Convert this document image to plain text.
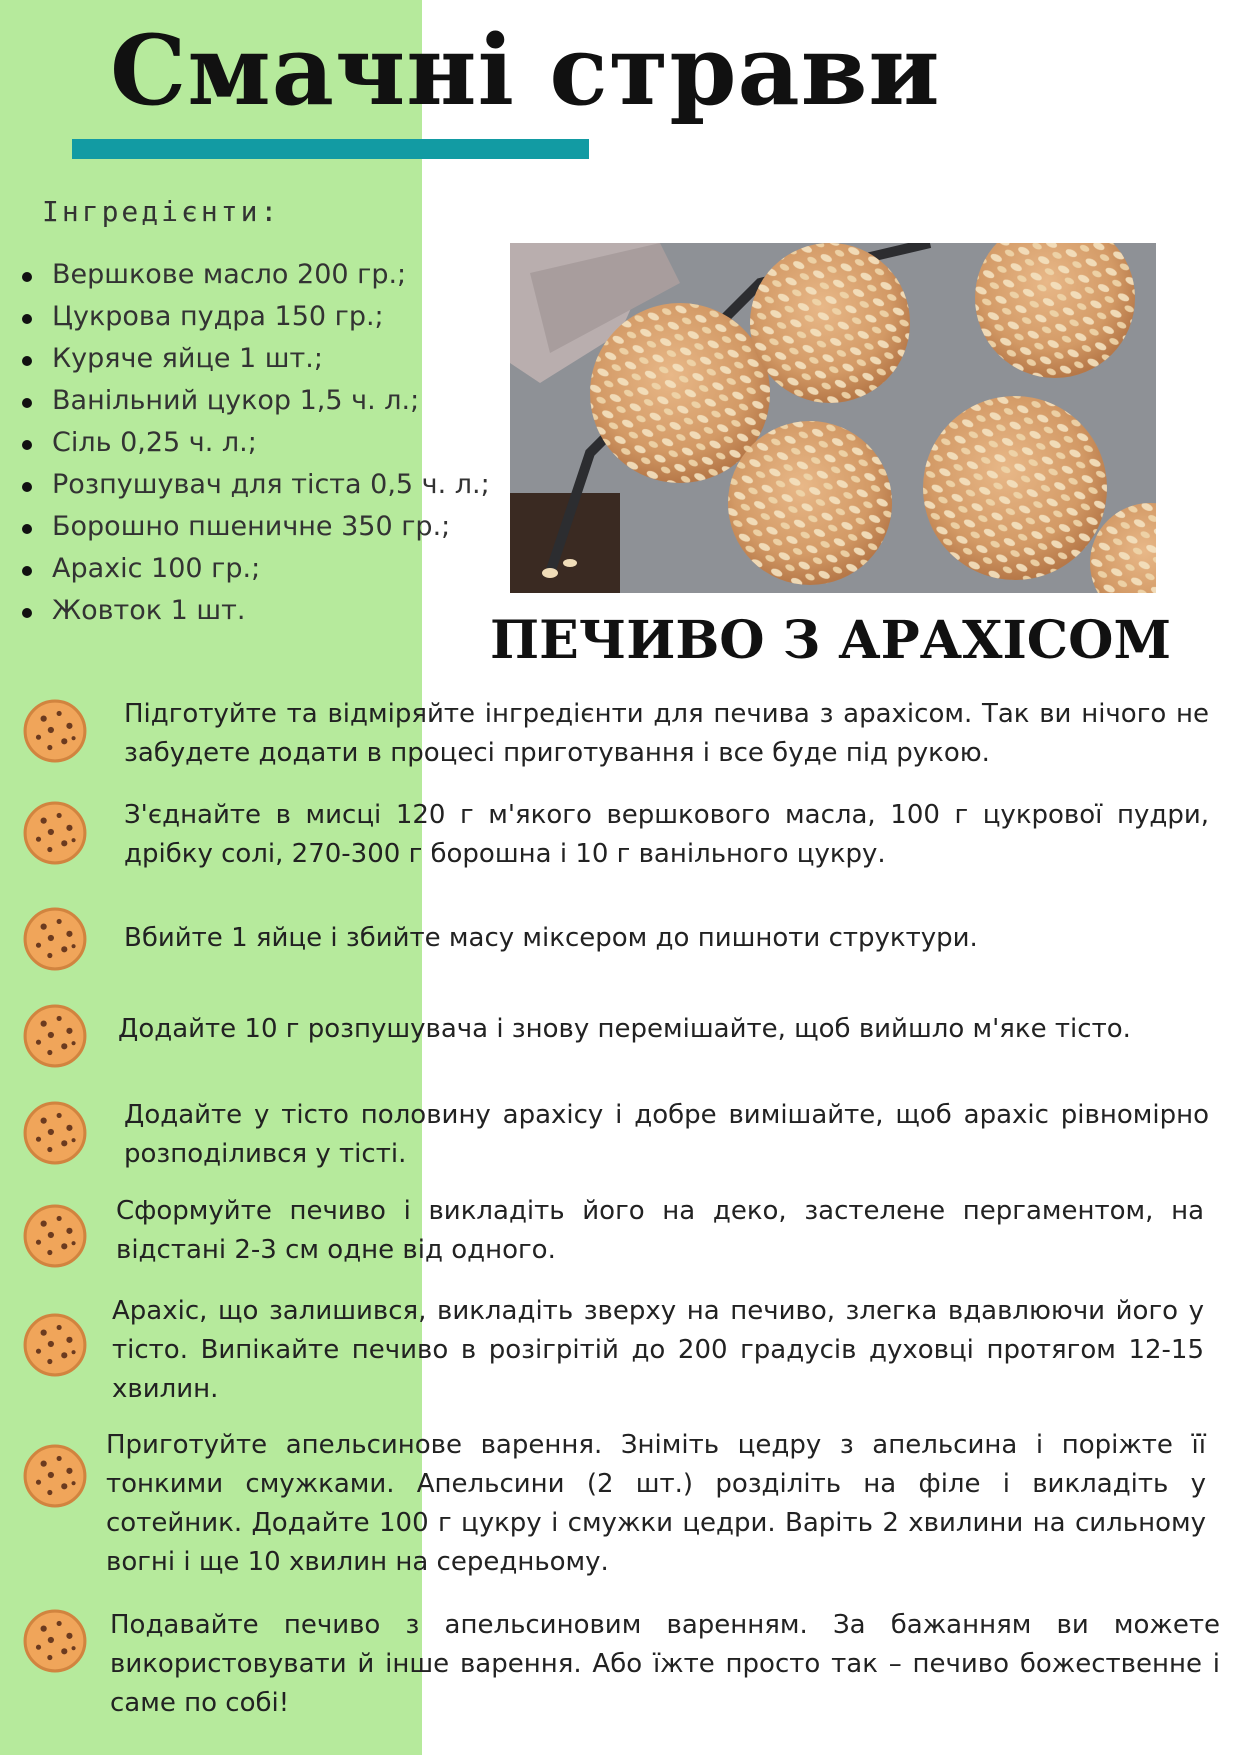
Смачні страви
Інгредієнти:
Вершкове масло 200 гр.;
Цукрова пудра 150 гр.;
Куряче яйце 1 шт.;
Ванільний цукор 1,5 ч. л.;
Сіль 0,25 ч. л.;
Розпушувач для тіста 0,5 ч. л.;
Борошно пшеничне 350 гр.;
Арахіс 100 гр.;
Жовток 1 шт.	ПЕЧИВО З АРАХІСОМ

Підготуйте та відміряйте інгредієнти для печива з арахісом. Так ви нічого не забудете додати в процесі приготування і все буде під рукою.

З'єднайте в мисці 120 г м'якого вершкового масла, 100 г цукрової пудри, дрібку солі, 270-300 г борошна і 10 г ванільного цукру.

Вбийте 1 яйце і збийте масу міксером до пишноти структури.

Додайте 10 г розпушувача і знову перемішайте, щоб вийшло м'яке тісто.

Додайте у тісто половину арахісу і добре вимішайте, щоб арахіс рівномірно розподілився у тісті.

Сформуйте печиво і викладіть його на деко, застелене пергаментом, на відстані 2-3 см одне від одного.

Арахіс, що залишився, викладіть зверху на печиво, злегка вдавлюючи його у тісто. Випікайте печиво в розігрітій до 200 градусів духовці протягом 12-15 хвилин.

Приготуйте апельсинове варення. Зніміть цедру з апельсина і поріжте її тонкими смужками. Апельсини (2 шт.) розділіть на філе і викладіть у сотейник. Додайте 100 г цукру і смужки цедри. Варіть 2 хвилини на сильному вогні і ще 10 хвилин на середньому.

Подавайте печиво з апельсиновим варенням. За бажанням ви можете використовувати й інше варення. Або їжте просто так – печиво божественне і саме по собі!
